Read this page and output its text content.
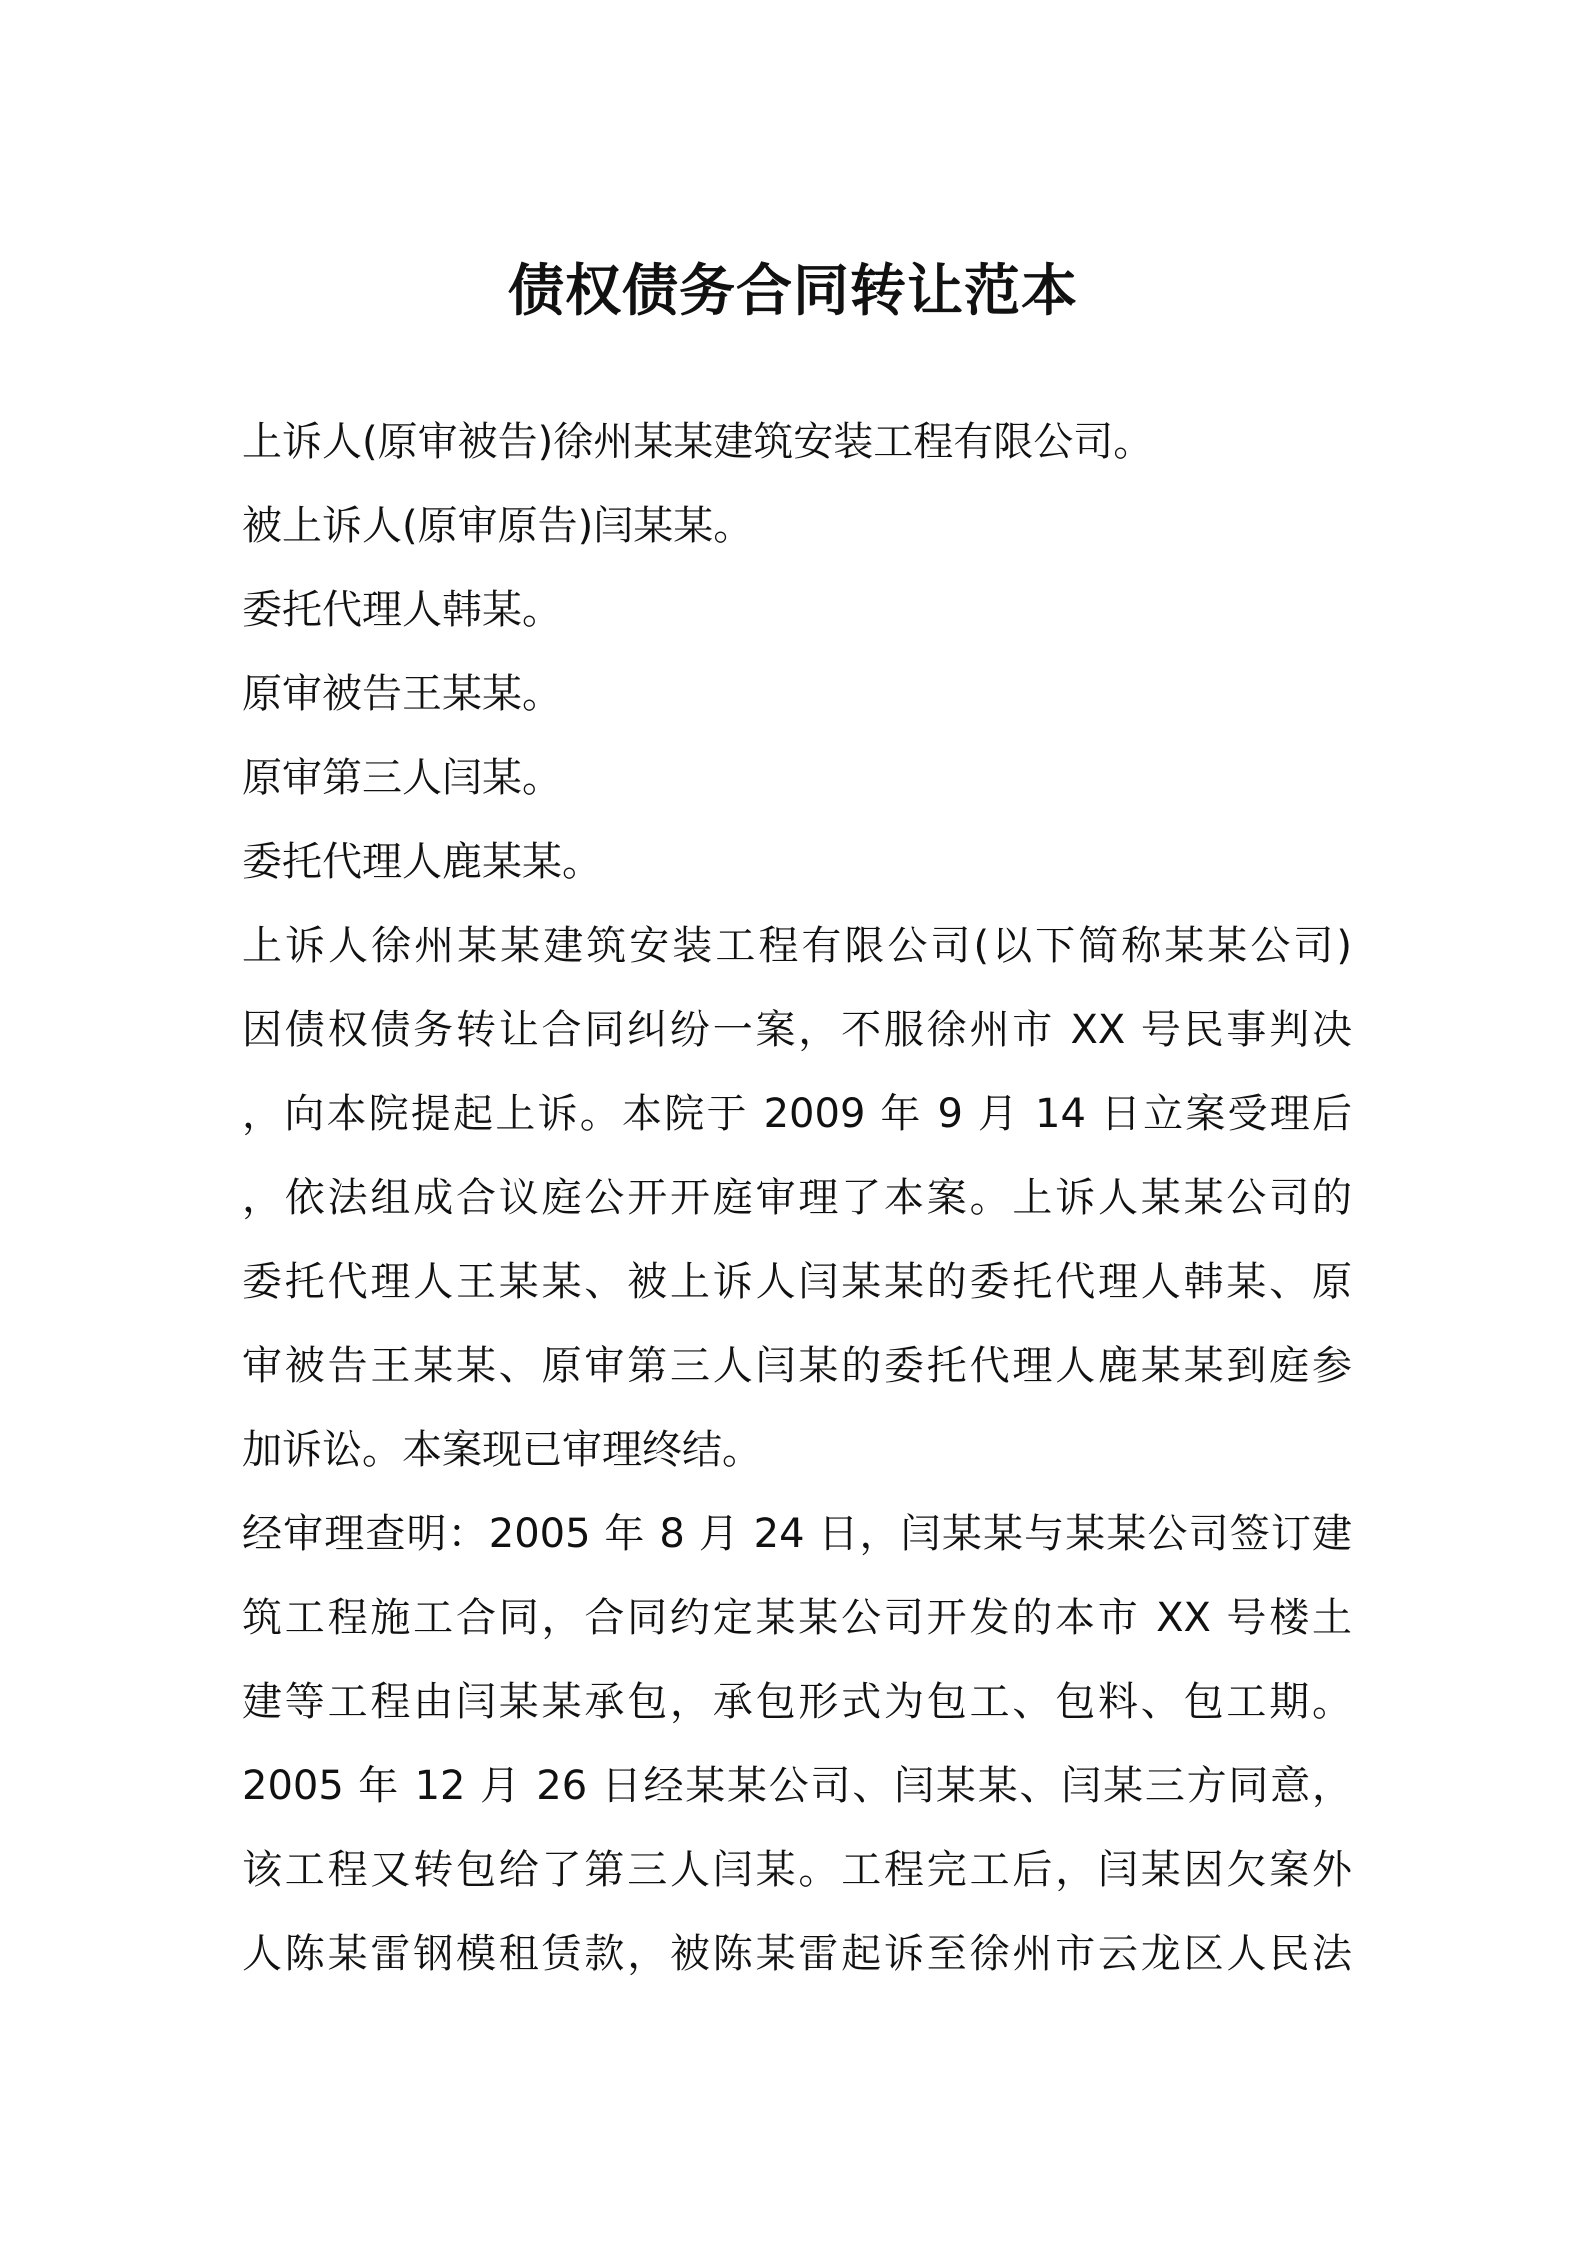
债权债务合同转让范本
上诉人(原审被告)徐州某某建筑安装工程有限公司。
被上诉人(原审原告)闫某某。
委托代理人韩某。
原审被告王某某。
原审第三人闫某。
委托代理人鹿某某。
上诉人徐州某某建筑安装工程有限公司(以下简称某某公司)
因债权债务转让合同纠纷一案，不服徐州市 XX 号民事判决
，向本院提起上诉。本院于 2009 年 9 月 14 日立案受理后
，依法组成合议庭公开开庭审理了本案。上诉人某某公司的
委托代理人王某某、被上诉人闫某某的委托代理人韩某、原
审被告王某某、原审第三人闫某的委托代理人鹿某某到庭参
加诉讼。本案现已审理终结。
经审理查明：2005 年 8 月 24 日，闫某某与某某公司签订建
筑工程施工合同，合同约定某某公司开发的本市 XX 号楼土
建等工程由闫某某承包，承包形式为包工、包料、包工期。
2005 年 12 月 26 日经某某公司、闫某某、闫某三方同意，
该工程又转包给了第三人闫某。工程完工后，闫某因欠案外
人陈某雷钢模租赁款，被陈某雷起诉至徐州市云龙区人民法
